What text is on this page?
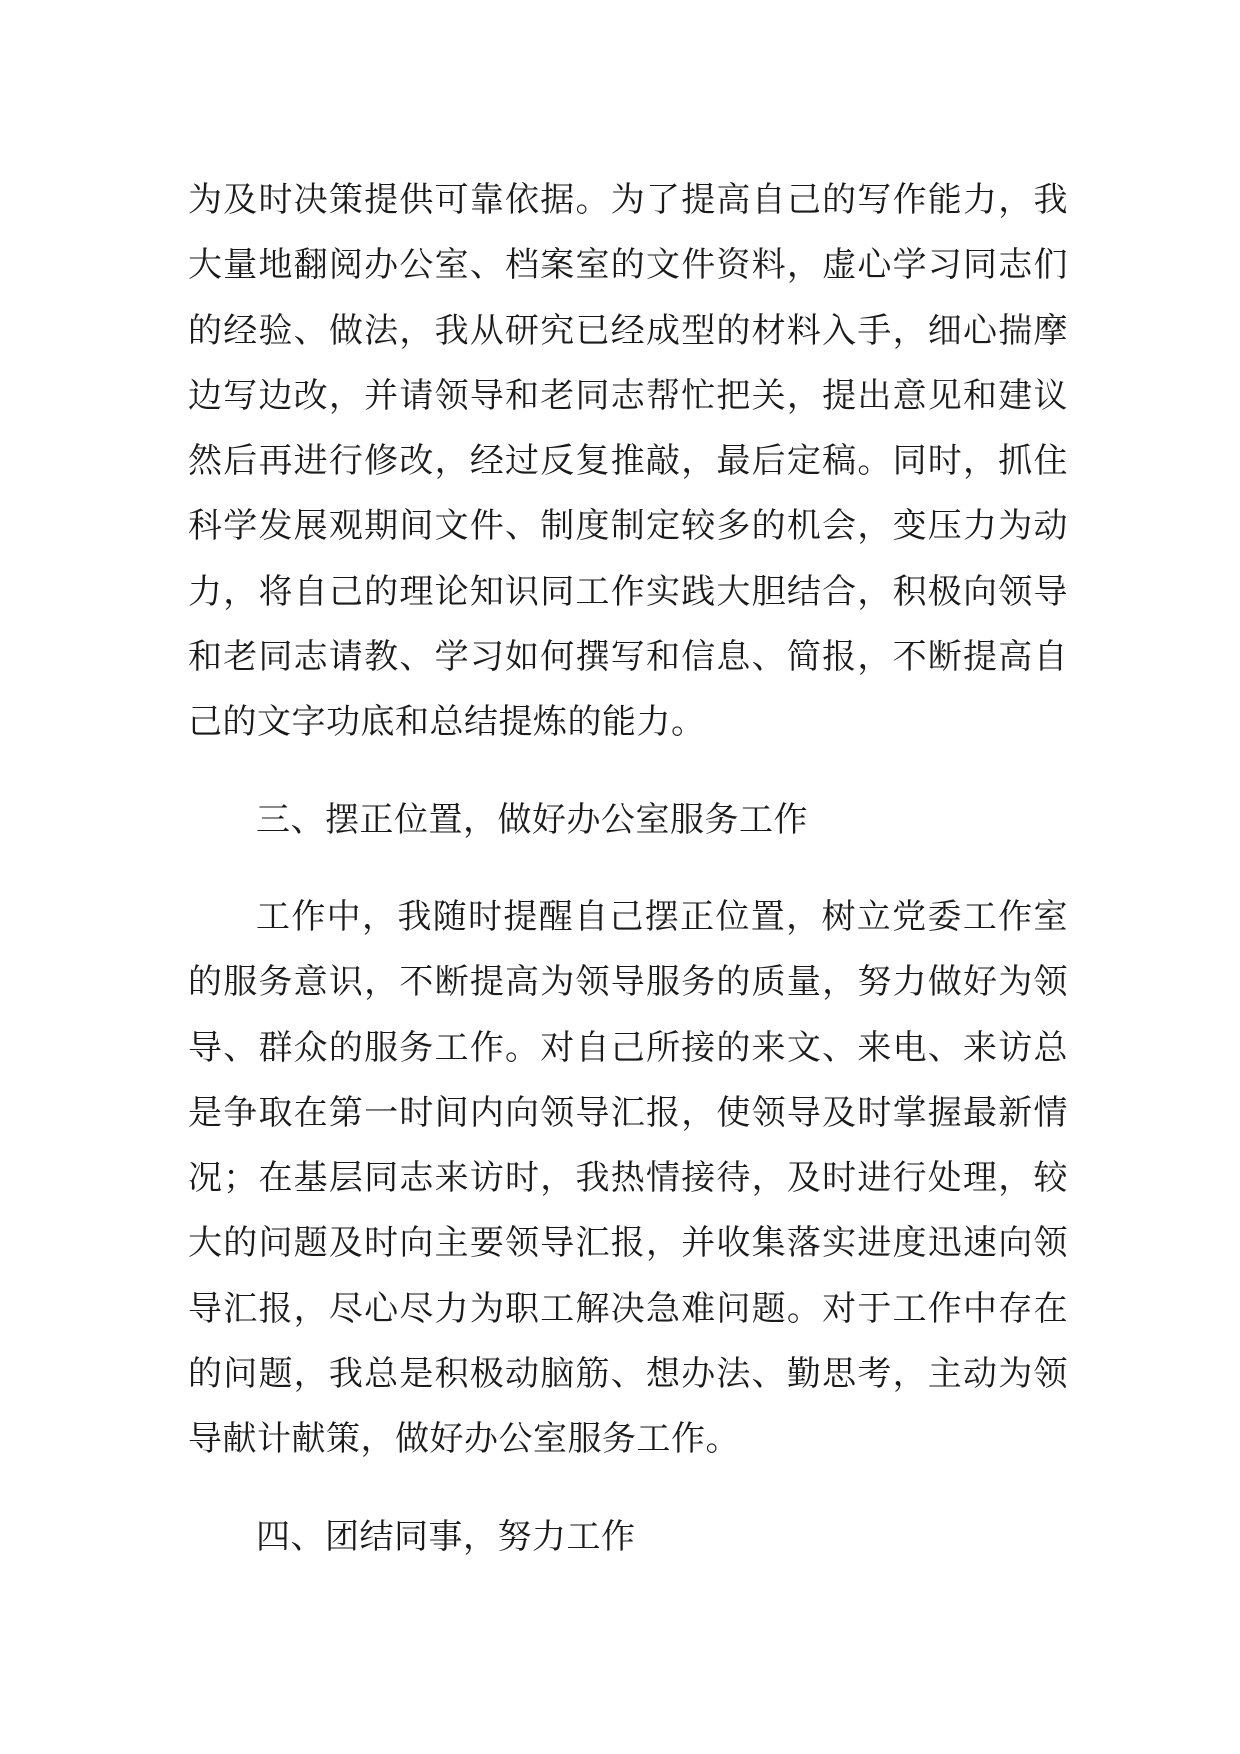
为及时决策提供可靠依据。为了提高自己的写作能力，我大量地翻阅办公室、档案室的文件资料，虚心学习同志们的经验、做法，我从研究已经成型的材料入手，细心揣摩边写边改，并请领导和老同志帮忙把关，提出意见和建议然后再进行修改，经过反复推敲，最后定稿。同时，抓住科学发展观期间文件、制度制定较多的机会，变压力为动力，将自己的理论知识同工作实践大胆结合，积极向领导和老同志请教、学习如何撰写和信息、简报，不断提高自己的文字功底和总结提炼的能力。

三、摆正位置，做好办公室服务工作

工作中，我随时提醒自己摆正位置，树立党委工作室的服务意识，不断提高为领导服务的质量，努力做好为领导、群众的服务工作。对自己所接的来文、来电、来访总是争取在第一时间内向领导汇报，使领导及时掌握最新情况；在基层同志来访时，我热情接待，及时进行处理，较大的问题及时向主要领导汇报，并收集落实进度迅速向领导汇报，尽心尽力为职工解决急难问题。对于工作中存在的问题，我总是积极动脑筋、想办法、勤思考，主动为领导献计献策，做好办公室服务工作。

四、团结同事，努力工作
